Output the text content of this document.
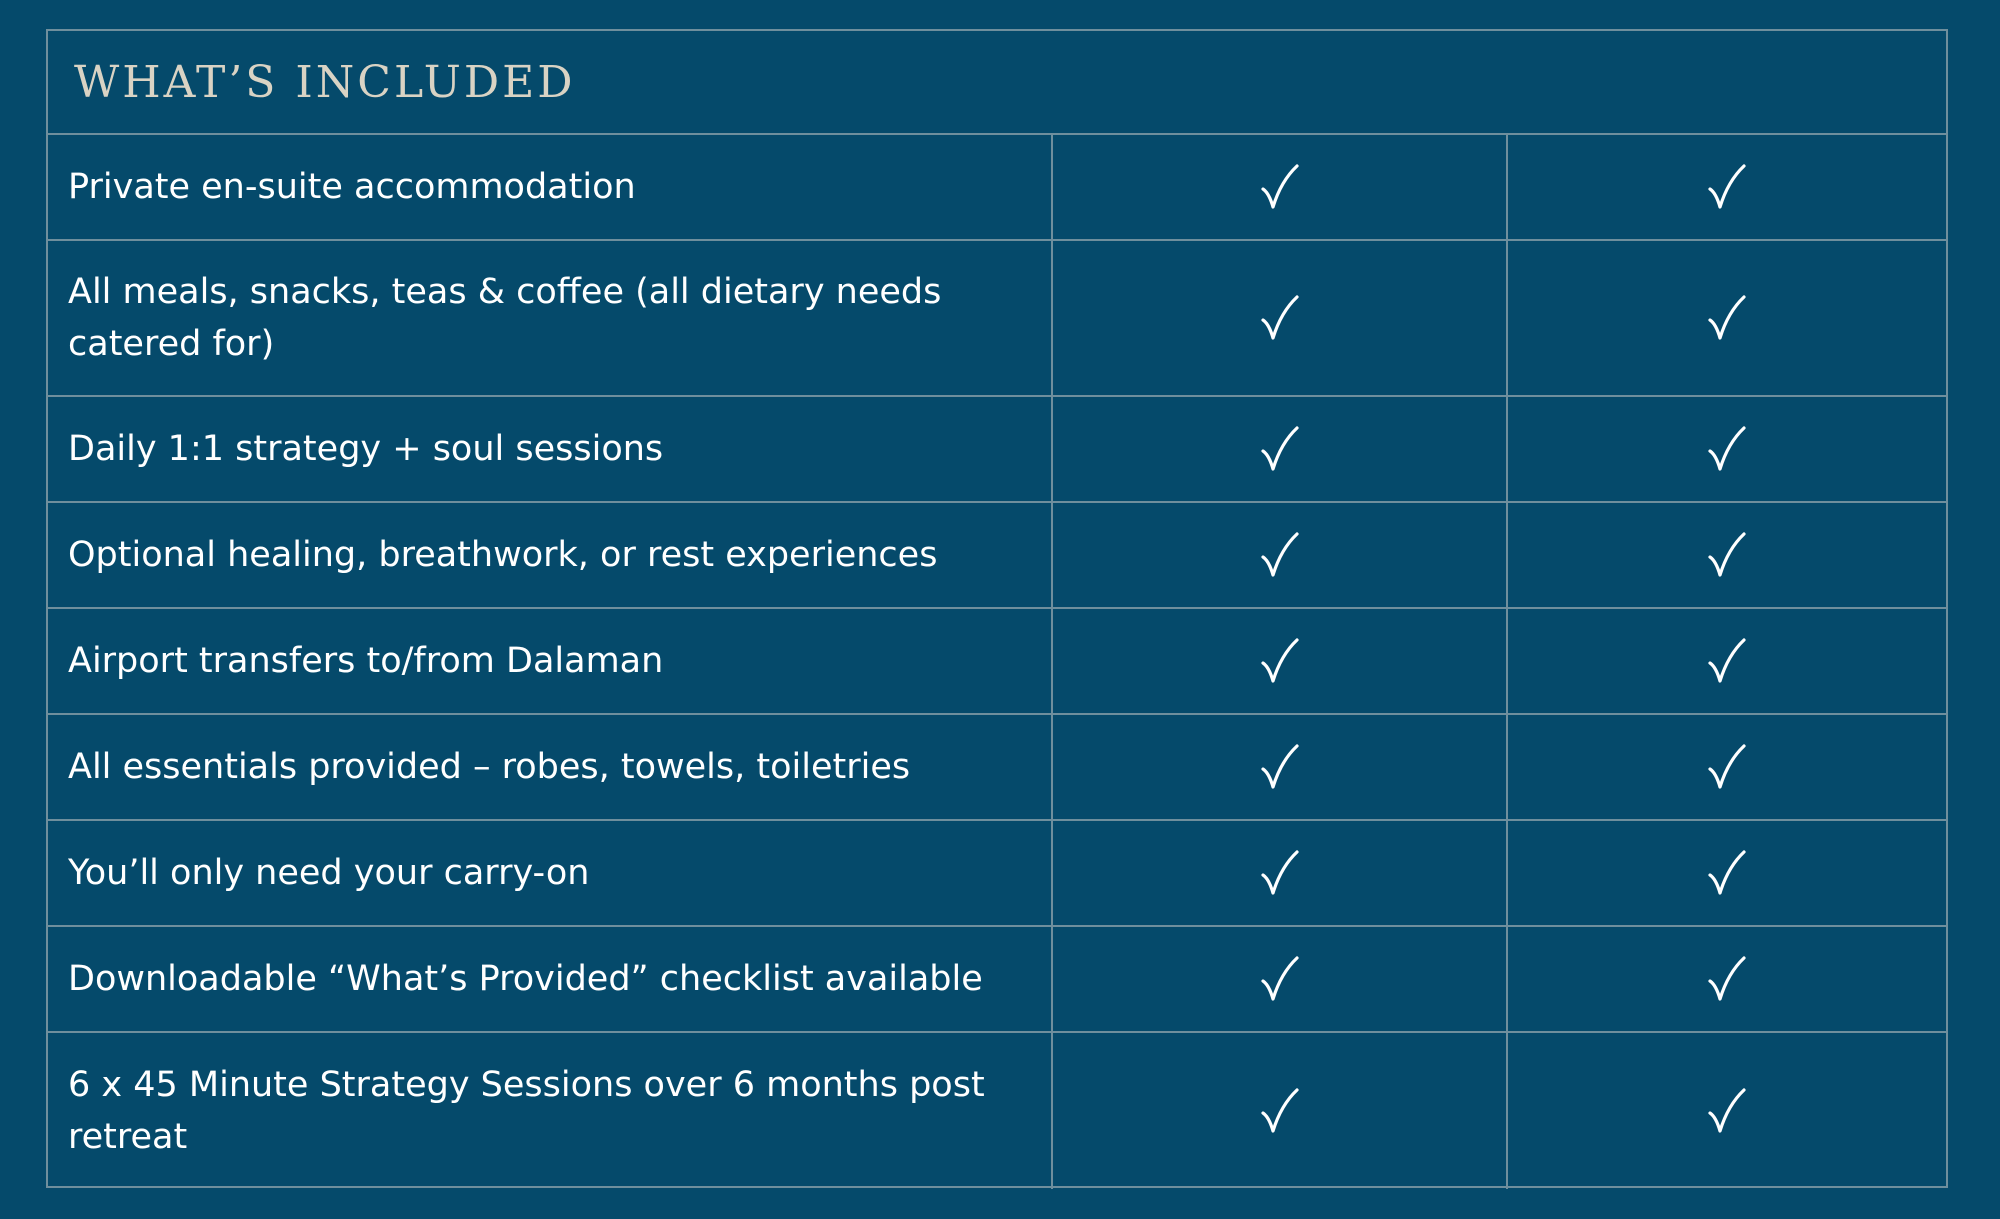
WHAT’S INCLUDED
Private en-suite accommodation
All meals, snacks, teas & coffee (all dietary needs catered for)
Daily 1:1 strategy + soul sessions
Optional healing, breathwork, or rest experiences
Airport transfers to/from Dalaman
All essentials provided – robes, towels, toiletries
You’ll only need your carry-on
Downloadable “What’s Provided” checklist available
6 x 45 Minute Strategy Sessions over 6 months post retreat
